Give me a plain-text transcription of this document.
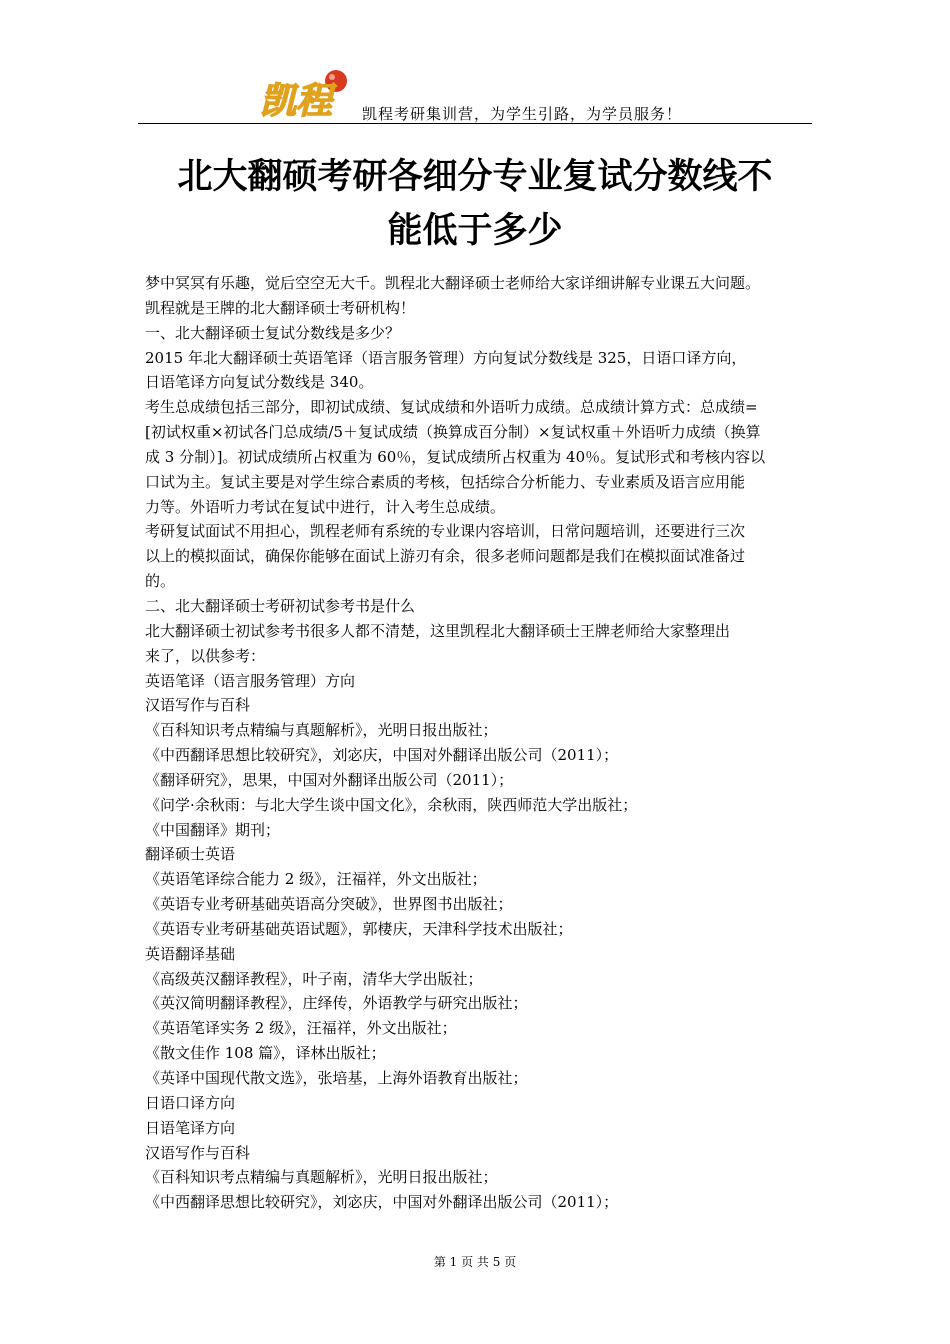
凯程	凯程考研集训营，为学生引路，为学员服务！
北大翻硕考研各细分专业复试分数线不
能低于多少
梦中冥冥有乐趣，觉后空空无大千。凯程北大翻译硕士老师给大家详细讲解专业课五大问题。
凯程就是王牌的北大翻译硕士考研机构！
一、北大翻译硕士复试分数线是多少？
2015 年北大翻译硕士英语笔译（语言服务管理）方向复试分数线是 325，日语口译方向，
日语笔译方向复试分数线是 340。
考生总成绩包括三部分，即初试成绩、复试成绩和外语听力成绩。总成绩计算方式：总成绩=
[初试权重×初试各门总成绩/5＋复试成绩（换算成百分制）×复试权重＋外语听力成绩（换算
成 3 分制）]。初试成绩所占权重为 60％，复试成绩所占权重为 40％。复试形式和考核内容以
口试为主。复试主要是对学生综合素质的考核，包括综合分析能力、专业素质及语言应用能
力等。外语听力考试在复试中进行，计入考生总成绩。
考研复试面试不用担心，凯程老师有系统的专业课内容培训，日常问题培训，还要进行三次
以上的模拟面试，确保你能够在面试上游刃有余，很多老师问题都是我们在模拟面试准备过
的。
二、北大翻译硕士考研初试参考书是什么
北大翻译硕士初试参考书很多人都不清楚，这里凯程北大翻译硕士王牌老师给大家整理出
来了，以供参考：
英语笔译（语言服务管理）方向
汉语写作与百科
《百科知识考点精编与真题解析》，光明日报出版社；
《中西翻译思想比较研究》，刘宓庆，中国对外翻译出版公司（2011）；
《翻译研究》，思果，中国对外翻译出版公司（2011）；
《问学·余秋雨：与北大学生谈中国文化》，余秋雨，陕西师范大学出版社；
《中国翻译》期刊；
翻译硕士英语
《英语笔译综合能力 2 级》，汪福祥，外文出版社；
《英语专业考研基础英语高分突破》，世界图书出版社；
《英语专业考研基础英语试题》，郭棲庆，天津科学技术出版社；
英语翻译基础
《高级英汉翻译教程》，叶子南，清华大学出版社；
《英汉简明翻译教程》，庄绎传，外语教学与研究出版社；
《英语笔译实务 2 级》，汪福祥，外文出版社；
《散文佳作 108 篇》，译林出版社；
《英译中国现代散文选》，张培基，上海外语教育出版社；
日语口译方向
日语笔译方向
汉语写作与百科
《百科知识考点精编与真题解析》，光明日报出版社；
《中西翻译思想比较研究》，刘宓庆，中国对外翻译出版公司（2011）；
第 1 页 共 5 页
